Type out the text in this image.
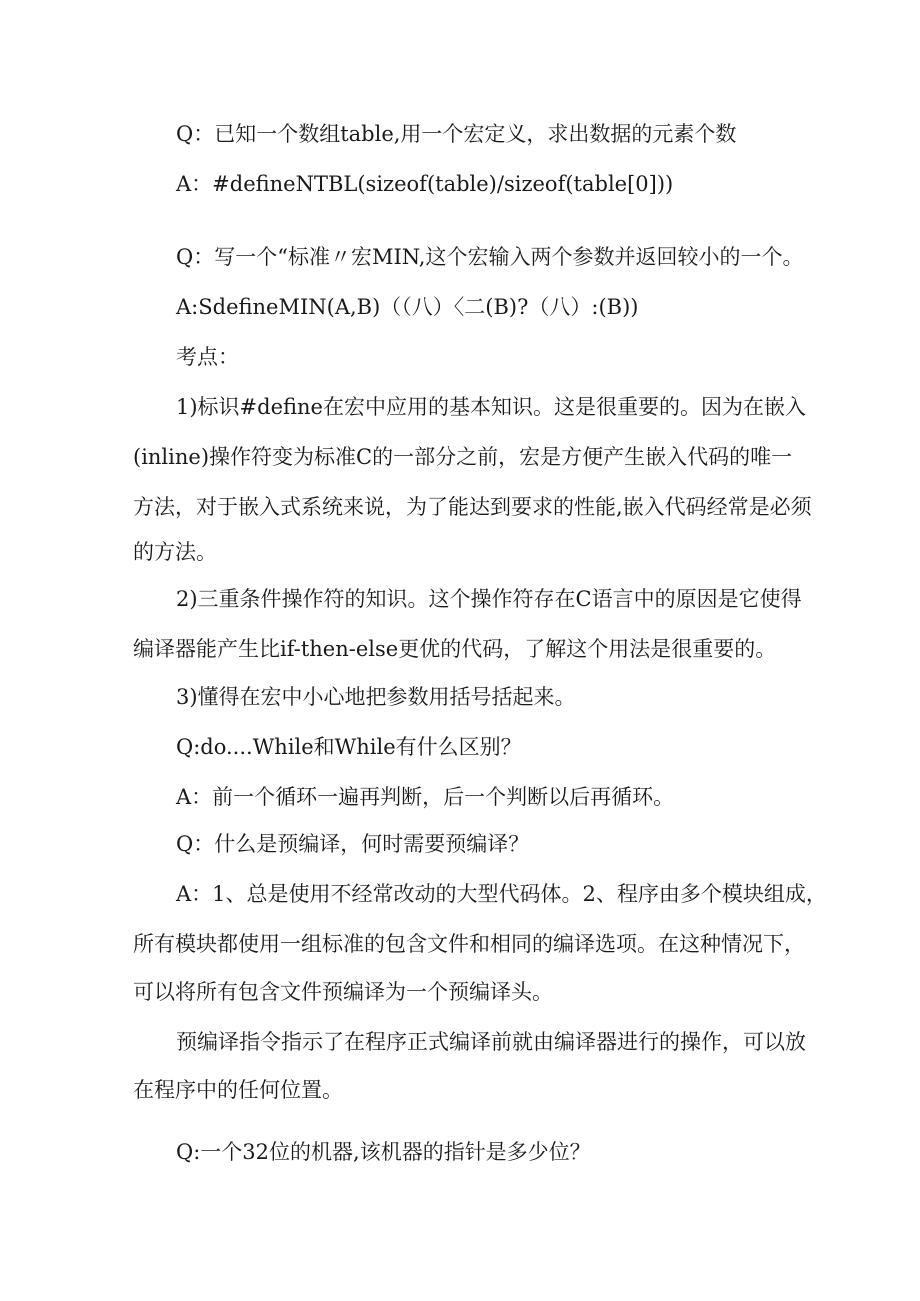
Q：已知一个数组table,用一个宏定义，求出数据的元素个数
A：#defineNTBL(sizeof(table)/sizeof(table[0]))
Q：写一个“标准〃宏MIN,这个宏输入两个参数并返回较小的一个。
A:SdefineMIN(A,B)（（八）〈二(B)?（八）:(B))
考点：
1)标识#define在宏中应用的基本知识。这是很重要的。因为在嵌入
(inline)操作符变为标准C的一部分之前，宏是方便产生嵌入代码的唯一
方法，对于嵌入式系统来说，为了能达到要求的性能,嵌入代码经常是必须
的方法。
2)三重条件操作符的知识。这个操作符存在C语言中的原因是它使得
编译器能产生比if-then-else更优的代码，了解这个用法是很重要的。
3)懂得在宏中小心地把参数用括号括起来。
Q:do....While和While有什么区别？
A：前一个循环一遍再判断，后一个判断以后再循环。
Q：什么是预编译，何时需要预编译？
A：1、总是使用不经常改动的大型代码体。2、程序由多个模块组成，
所有模块都使用一组标准的包含文件和相同的编译选项。在这种情况下，
可以将所有包含文件预编译为一个预编译头。
预编译指令指示了在程序正式编译前就由编译器进行的操作，可以放
在程序中的任何位置。
Q:一个32位的机器,该机器的指针是多少位？
